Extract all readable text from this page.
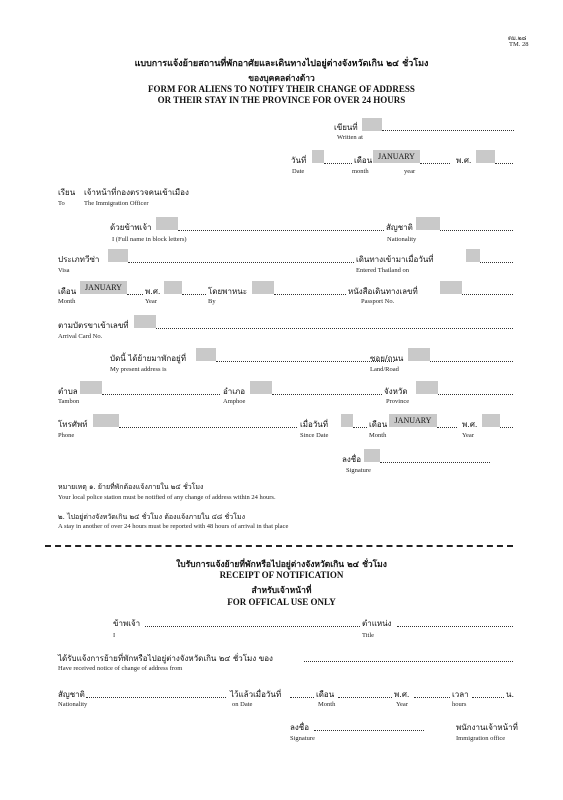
ตม.๒๘
TM. 28
แบบการแจ้งย้ายสถานที่พักอาศัยและเดินทางไปอยู่ต่างจังหวัดเกิน ๒๔ ชั่วโมง
ของบุคคลต่างด้าว
FORM FOR ALIENS TO NOTIFY THEIR CHANGE OF ADDRESS
OR THEIR STAY IN THE PROVINCE FOR OVER 24 HOURS
เขียนที่
Written at
วันที่	เดือน JANUARY	พ.ศ.
Date	month	year
เรียน เจ้าหน้าที่กองตรวจคนเข้าเมือง
To	The Immigration Officer
ด้วยข้าพเจ้า
I (Full name in block letters)
สัญชาติ
Nationality
ประเภทวีซ่า
Visa
เดินทางเข้ามาเมื่อวันที่
Entered Thailand on
เดือน	JANUARY	พ.ศ.	โดยพาหนะ	หนังสือเดินทางเลขที่
Month	Year	By	Passport No.
ตามบัตรขาเข้าเลขที่
Arrival Card No.
บัดนี้ ได้ย้ายมาพักอยู่ที่
My present address is
ซอย/ถนน
Land/Road
ตำบล
Tambon
อำเภอ
Amphoe
จังหวัด
Province
โทรศัพท์
Phone
เมื่อวันที่
Since Date
เดือน JANUARY
Month
พ.ศ.
Year
ลงชื่อ
Signature
หมายเหตุ ๑. ย้ายที่พักต้องแจ้งภายใน ๒๔ ชั่วโมง
Your local police station must be notified of any change of address within 24 hours.
๒. ไปอยู่ต่างจังหวัดเกิน ๒๔ ชั่วโมง ต้องแจ้งภายใน ๔๘ ชั่วโมง
A stay in another of over 24 hours must be reported with 48 hours of arrival in that place
ใบรับการแจ้งย้ายที่พักหรือไปอยู่ต่างจังหวัดเกิน ๒๔ ชั่วโมง
RECEIPT OF NOTIFICATION
สำหรับเจ้าหน้าที่
FOR OFFICAL USE ONLY
ข้าพเจ้า
I
ตำแหน่ง
Title
ได้รับแจ้งการย้ายที่พักหรือไปอยู่ต่างจังหวัดเกิน ๒๔ ชั่วโมง ของ
Have received notice of change of address from
สัญชาติ
Nationality
ไว้แล้วเมื่อวันที่
on Date
เดือน
Month
พ.ศ.
Year
เวลา	น.
hours
ลงชื่อ
Signature
พนักงานเจ้าหน้าที่
Immigration office
